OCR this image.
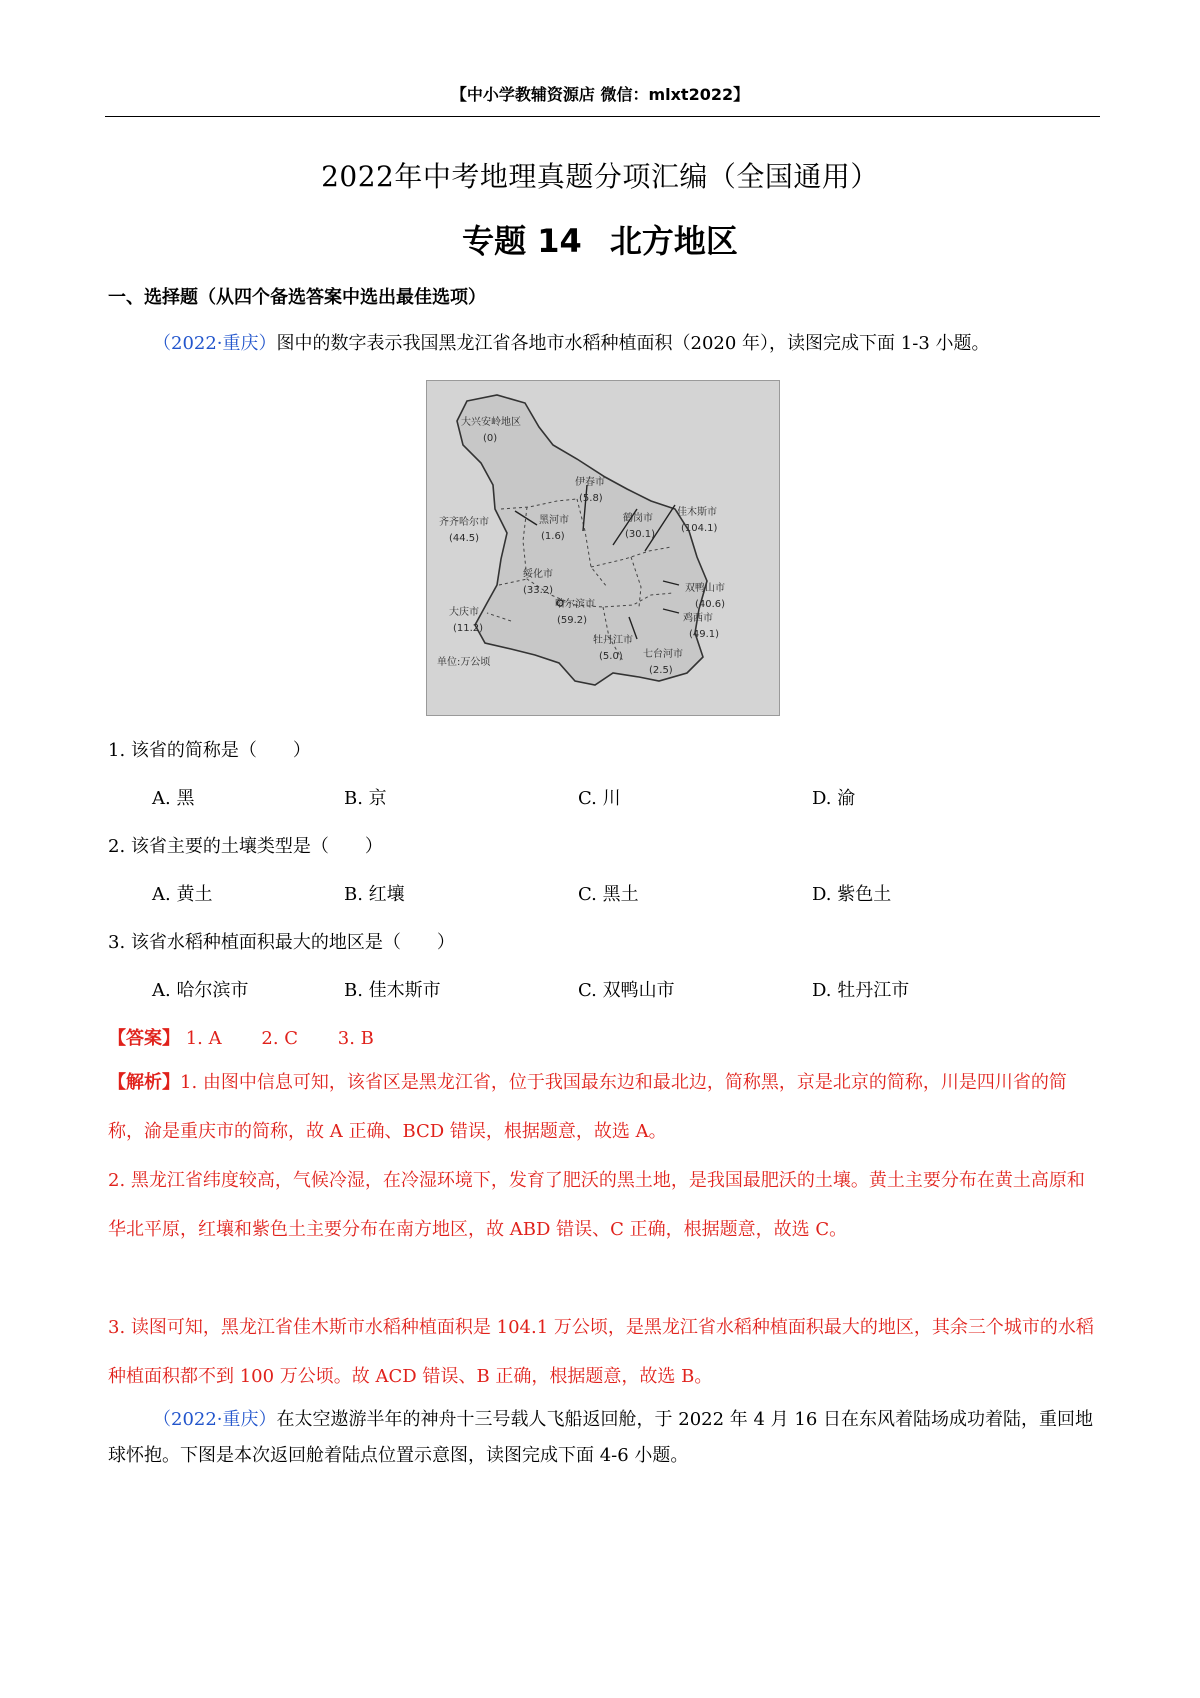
【中小学教辅资源店 微信：mlxt2022】
2022年中考地理真题分项汇编（全国通用）
专题 14 北方地区
一、选择题（从四个备选答案中选出最佳选项）
（2022·重庆）图中的数字表示我国黑龙江省各地市水稻种植面积（2020 年），读图完成下面 1-3 小题。
大兴安岭地区
(0)
伊春市
(5.8)
佳木斯市
(104.1)
齐齐哈尔市
(44.5)
黑河市
(1.6)
鹤岗市
(30.1)
绥化市
(33.2)	双鸭山市
(40.6)
哈尔滨市
(59.2)
大庆市
(11.2)
鸡西市
(49.1)
牡丹江市
(5.0) 七台河市
(2.5)
单位:万公顷
1. 该省的简称是（　　）
A. 黑	B. 京	C. 川	D. 渝
2. 该省主要的土壤类型是（　　）
A. 黄土	B. 红壤	C. 黑土	D. 紫色土
3. 该省水稻种植面积最大的地区是（　　）
A. 哈尔滨市	B. 佳木斯市	C. 双鸭山市	D. 牡丹江市
【答案】 1. A 2. C 3. B
【解析】1. 由图中信息可知，该省区是黑龙江省，位于我国最东边和最北边，简称黑，京是北京的简称，川是四川省的简称，渝是重庆市的简称，故 A 正确、BCD 错误，根据题意，故选 A。
2. 黑龙江省纬度较高，气候冷湿，在冷湿环境下，发育了肥沃的黑土地，是我国最肥沃的土壤。黄土主要分布在黄土高原和华北平原，红壤和紫色土主要分布在南方地区，故 ABD 错误、C 正确，根据题意，故选 C。
3. 读图可知，黑龙江省佳木斯市水稻种植面积是 104.1 万公顷，是黑龙江省水稻种植面积最大的地区，其余三个城市的水稻种植面积都不到 100 万公顷。故 ACD 错误、B 正确，根据题意，故选 B。
（2022·重庆）在太空遨游半年的神舟十三号载人飞船返回舱，于 2022 年 4 月 16 日在东风着陆场成功着陆，重回地球怀抱。下图是本次返回舱着陆点位置示意图，读图完成下面 4-6 小题。
